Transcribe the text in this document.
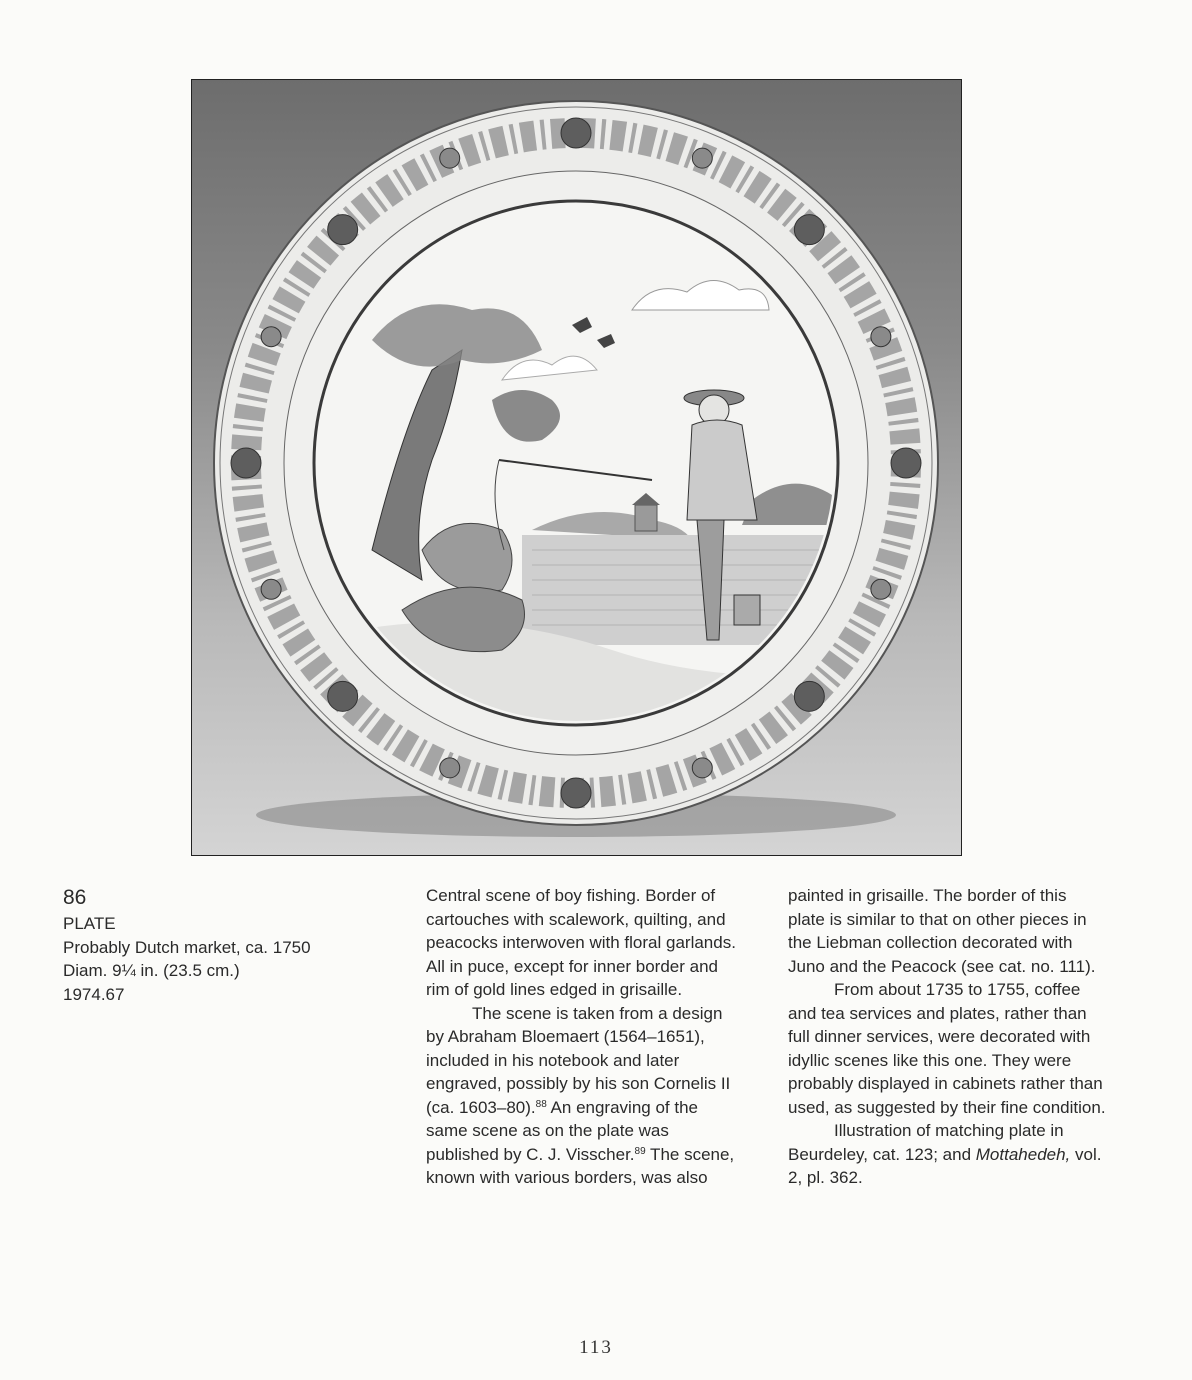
86

PLATE

Probably Dutch market, ca. 1750

Diam. 9¼ in. (23.5 cm.)

1974.67

Central scene of boy fishing. Border of cartouches with scalework, quilting, and peacocks interwoven with floral garlands. All in puce, except for inner border and rim of gold lines edged in grisaille.

The scene is taken from a design by Abraham Bloemaert (1564–1651), included in his notebook and later engraved, possibly by his son Cornelis II (ca. 1603–80).$^{88}$ An engraving of the same scene as on the plate was published by C. J. Visscher.$^{89}$ The scene, known with various borders, was also

painted in grisaille. The border of this plate is similar to that on other pieces in the Liebman collection decorated with Juno and the Peacock (see cat. no. 111).

From about 1735 to 1755, coffee and tea services and plates, rather than full dinner services, were decorated with idyllic scenes like this one. They were probably displayed in cabinets rather than used, as suggested by their fine condition.

Illustration of matching plate in Beurdeley, cat. 123; and Mottahedeh, vol. 2, pl. 362.

113
